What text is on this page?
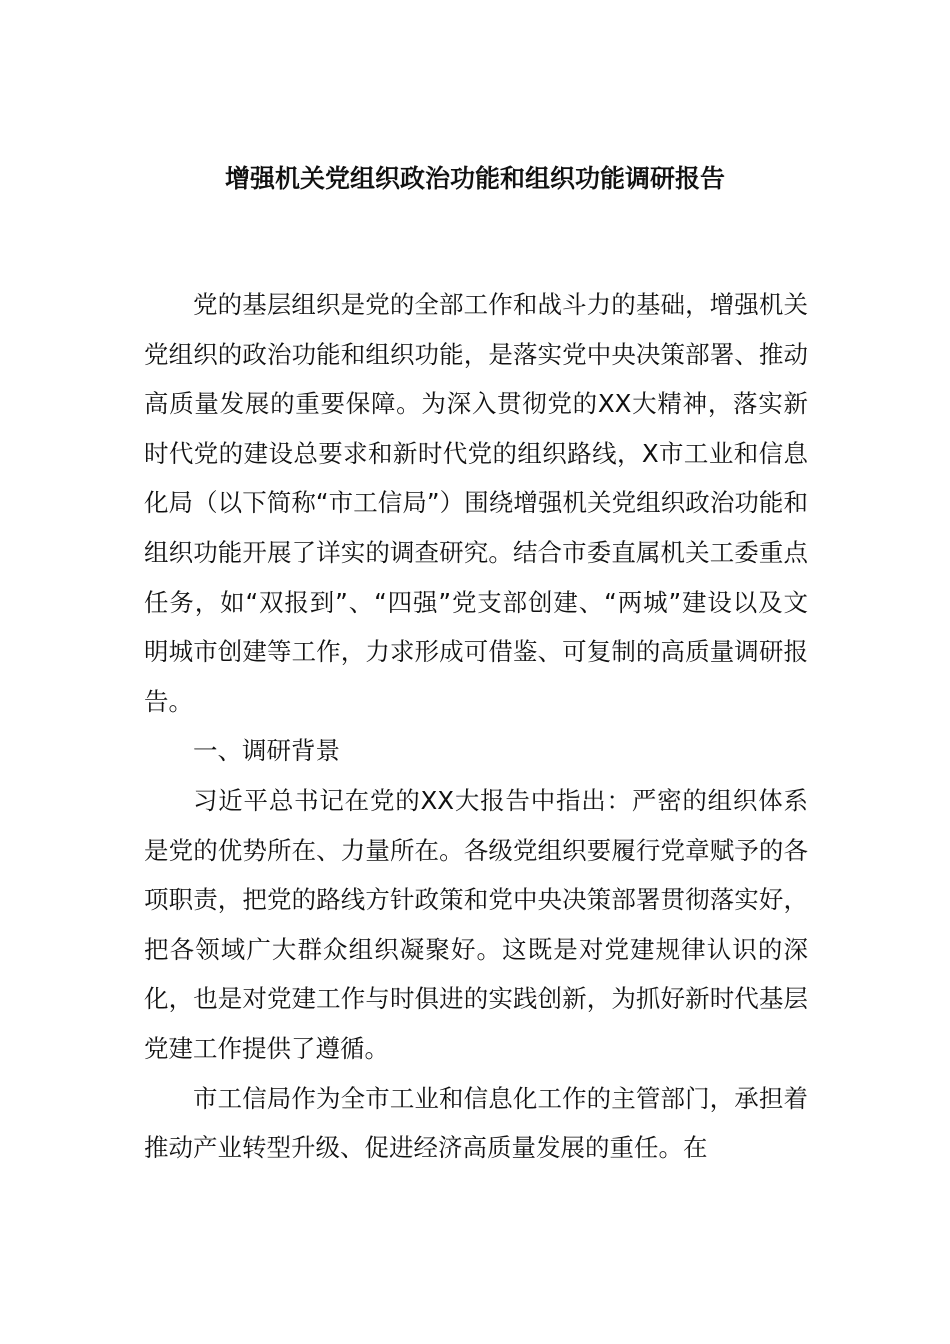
增强机关党组织政治功能和组织功能调研报告

党的基层组织是党的全部工作和战斗力的基础，增强机关党组织的政治功能和组织功能，是落实党中央决策部署、推动高质量发展的重要保障。为深入贯彻党的XX大精神，落实新时代党的建设总要求和新时代党的组织路线，X市工业和信息化局（以下简称“市工信局”）围绕增强机关党组织政治功能和组织功能开展了详实的调查研究。结合市委直属机关工委重点任务，如“双报到”、“四强”党支部创建、“两城”建设以及文明城市创建等工作，力求形成可借鉴、可复制的高质量调研报告。

一、调研背景

习近平总书记在党的XX大报告中指出：严密的组织体系是党的优势所在、力量所在。各级党组织要履行党章赋予的各项职责，把党的路线方针政策和党中央决策部署贯彻落实好，把各领域广大群众组织凝聚好。这既是对党建规律认识的深化，也是对党建工作与时俱进的实践创新，为抓好新时代基层党建工作提供了遵循。

市工信局作为全市工业和信息化工作的主管部门，承担着推动产业转型升级、促进经济高质量发展的重任。在
